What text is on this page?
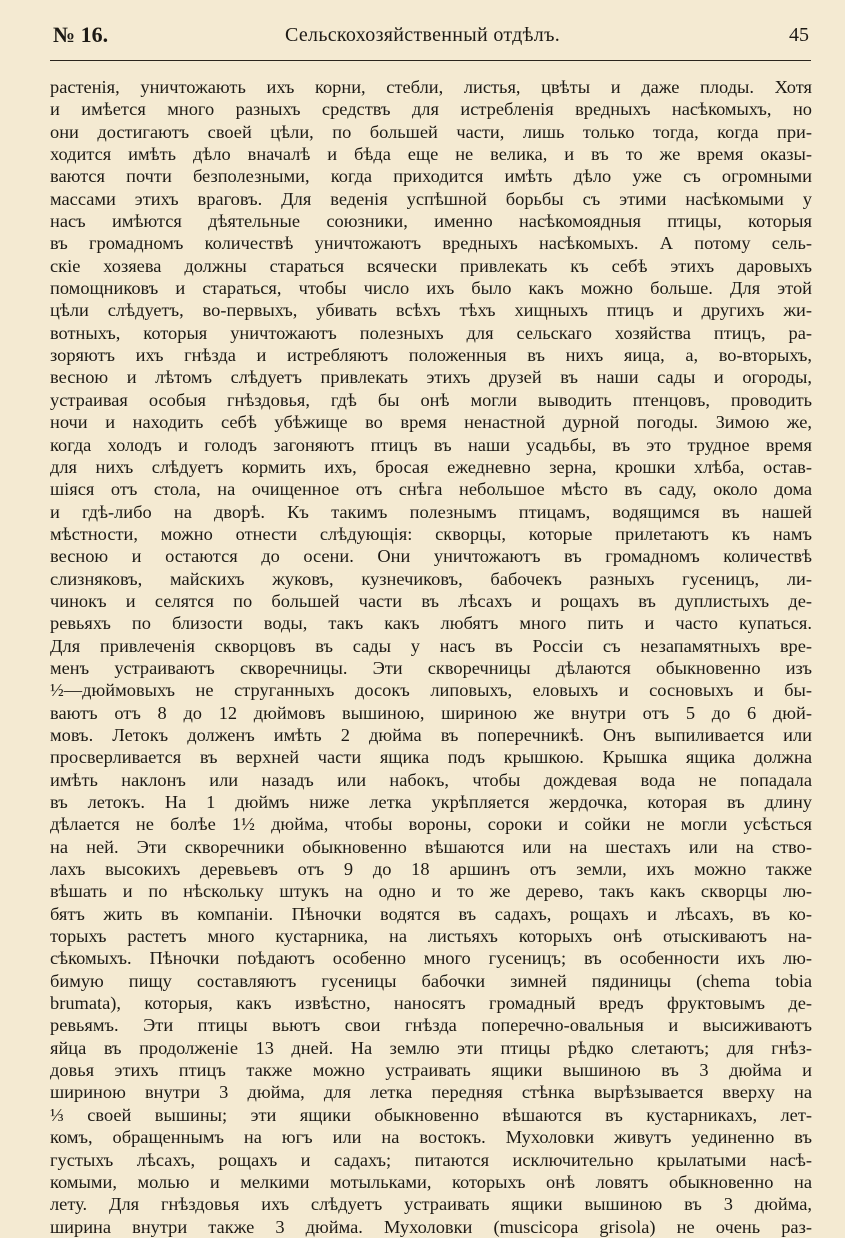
№ 16.	Сельскохозяйственный отдѣлъ.	45
растенія, уничтожають ихъ корни, стебли, листья, цвѣты и даже плоды. Хотя
и имѣется много разныхъ средствъ для истребленія вредныхъ насѣкомыхъ, но
они достигаютъ своей цѣли, по большей части, лишь только тогда, когда при-
ходится имѣть дѣло вначалѣ и бѣда еще не велика, и въ то же время оказы-
ваются почти безполезными, когда приходится имѣть дѣло уже съ огромными
массами этихъ враговъ. Для веденія успѣшной борьбы съ этими насѣкомыми у
насъ имѣются дѣятельные союзники, именно насѣкомоядныя птицы, которыя
въ громадномъ количествѣ уничтожаютъ вредныхъ насѣкомыхъ. А потому сель-
скіе хозяева должны стараться всячески привлекать къ себѣ этихъ даровыхъ
помощниковъ и стараться, чтобы число ихъ было какъ можно больше. Для этой
цѣли слѣдуетъ, во-первыхъ, убивать всѣхъ тѣхъ хищныхъ птицъ и другихъ жи-
вотныхъ, которыя уничтожаютъ полезныхъ для сельскаго хозяйства птицъ, ра-
зоряютъ ихъ гнѣзда и истребляютъ положенныя въ нихъ яица, а, во-вторыхъ,
весною и лѣтомъ слѣдуетъ привлекать этихъ друзей въ наши сады и огороды,
устраивая особыя гнѣздовья, гдѣ бы онѣ могли выводить птенцовъ, проводить
ночи и находить себѣ убѣжище во время ненастной дурной погоды. Зимою же,
когда холодъ и голодъ загоняютъ птицъ въ наши усадьбы, въ это трудное время
для нихъ слѣдуетъ кормить ихъ, бросая ежедневно зерна, крошки хлѣба, остав-
шіяся отъ стола, на очищенное отъ снѣга небольшое мѣсто въ саду, около дома
и гдѣ-либо на дворѣ. Къ такимъ полезнымъ птицамъ, водящимся въ нашей
мѣстности, можно отнести слѣдующія: скворцы, которые прилетаютъ къ намъ
весною и остаются до осени. Они уничтожаютъ въ громадномъ количествѣ
слизняковъ, майскихъ жуковъ, кузнечиковъ, бабочекъ разныхъ гусеницъ, ли-
чинокъ и селятся по большей части въ лѣсахъ и рощахъ въ дуплистыхъ де-
ревьяхъ по близости воды, такъ какъ любятъ много пить и часто купаться.
Для привлеченія скворцовъ въ сады у насъ въ Россіи съ незапамятныхъ вре-
менъ устраиваютъ скворечницы. Эти скворечницы дѣлаются обыкновенно изъ
½—дюймовыхъ не струганныхъ досокъ липовыхъ, еловыхъ и сосновыхъ и бы-
ваютъ отъ 8 до 12 дюймовъ вышиною, шириною же внутри отъ 5 до 6 дюй-
мовъ. Летокъ долженъ имѣть 2 дюйма въ поперечникѣ. Онъ выпиливается или
просверливается въ верхней части ящика подъ крышкою. Крышка ящика должна
имѣть наклонъ или назадъ или набокъ, чтобы дождевая вода не попадала
въ летокъ. На 1 дюймъ ниже летка укрѣпляется жердочка, которая въ длину
дѣлается не болѣе 1½ дюйма, чтобы вороны, сороки и сойки не могли усѣсться
на ней. Эти скворечники обыкновенно вѣшаются или на шестахъ или на ство-
лахъ высокихъ деревьевъ отъ 9 до 18 аршинъ отъ земли, ихъ можно также
вѣшать и по нѣскольку штукъ на одно и то же дерево, такъ какъ скворцы лю-
бятъ жить въ компаніи. Пѣночки водятся въ садахъ, рощахъ и лѣсахъ, въ ко-
торыхъ растетъ много кустарника, на листьяхъ которыхъ онѣ отыскиваютъ на-
сѣкомыхъ. Пѣночки поѣдаютъ особенно много гусеницъ; въ особенности ихъ лю-
бимую пищу составляютъ гусеницы бабочки зимней пядиницы (chema tobia
brumata), которыя, какъ извѣстно, наносятъ громадный вредъ фруктовымъ де-
ревьямъ. Эти птицы вьютъ свои гнѣзда поперечно-овальныя и высиживаютъ
яйца въ продолженіе 13 дней. На землю эти птицы рѣдко слетаютъ; для гнѣз-
довья этихъ птицъ также можно устраивать ящики вышиною въ 3 дюйма и
шириною внутри 3 дюйма, для летка передняя стѣнка вырѣзывается вверху на
⅓ своей вышины; эти ящики обыкновенно вѣшаются въ кустарникахъ, лет-
комъ, обращеннымъ на югъ или на востокъ. Мухоловки живутъ уединенно въ
густыхъ лѣсахъ, рощахъ и садахъ; питаются исключительно крылатыми насѣ-
комыми, молью и мелкими мотыльками, которыхъ онѣ ловятъ обыкновенно на
лету. Для гнѣздовья ихъ слѣдуетъ устраивать ящики вышиною въ 3 дюйма,
ширина внутри также 3 дюйма. Мухоловки (muscicopa grisola) не очень раз-
